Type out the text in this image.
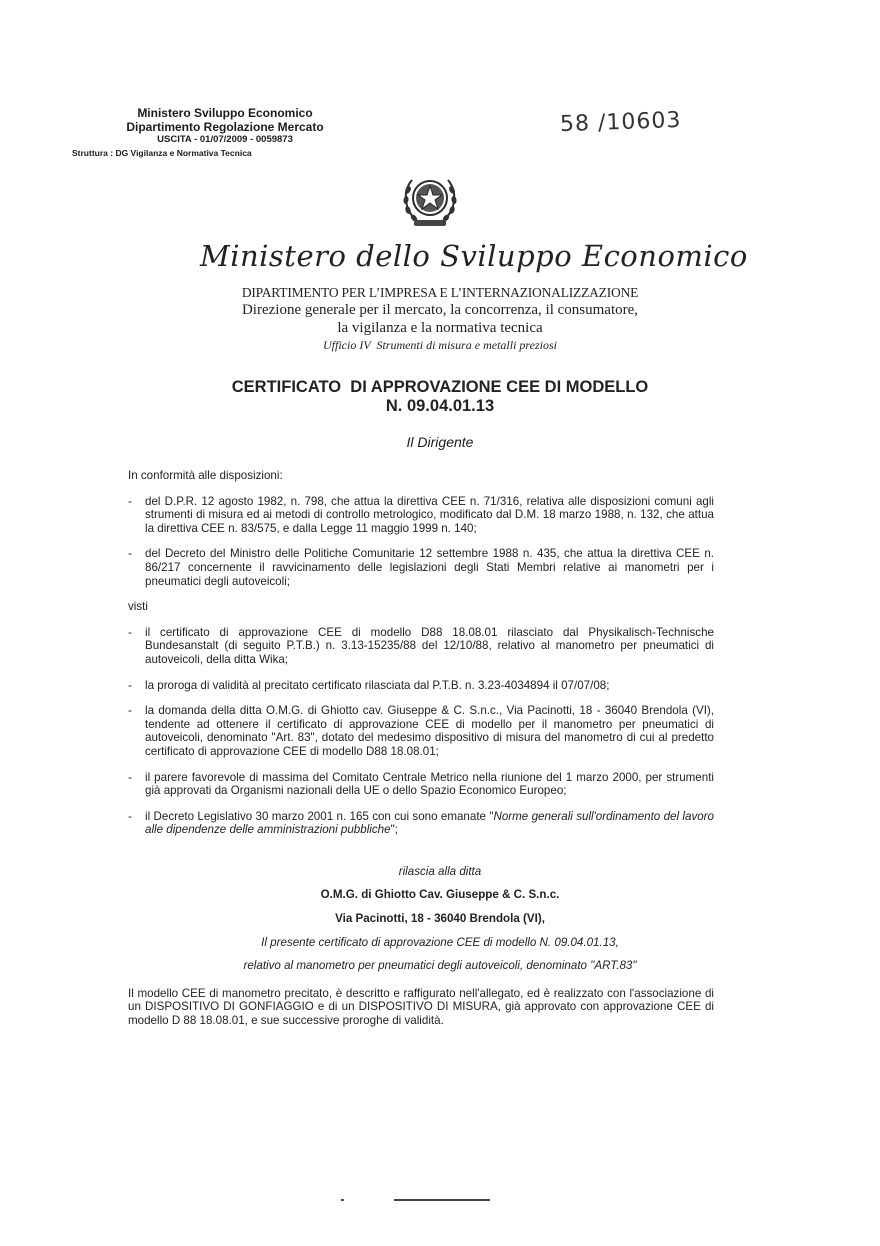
Ministero Sviluppo Economico
Dipartimento Regolazione Mercato
USCITA - 01/07/2009 - 0059873
Struttura : DG Vigilanza e Normativa Tecnica
58 /10603
Ministero dello Sviluppo Economico
DIPARTIMENTO PER L’IMPRESA E L’INTERNAZIONALIZZAZIONE
Direzione generale per il mercato, la concorrenza, il consumatore,
la vigilanza e la normativa tecnica
Ufficio IV  Strumenti di misura e metalli preziosi
CERTIFICATO  DI APPROVAZIONE CEE DI MODELLO
N. 09.04.01.13
Il Dirigente
In conformità alle disposizioni:
- del D.P.R. 12 agosto 1982, n. 798, che attua la direttiva CEE n. 71/316, relativa alle disposizioni comuni agli strumenti di misura ed ai metodi di controllo metrologico, modificato dal D.M. 18 marzo 1988, n. 132, che attua la direttiva CEE n. 83/575, e dalla Legge 11 maggio 1999 n. 140;
- del Decreto del Ministro delle Politiche Comunitarie 12 settembre 1988 n. 435, che attua la direttiva CEE n. 86/217 concernente il ravvicinamento delle legislazioni degli Stati Membri relative ai manometri per i pneumatici degli autoveicoli;
visti
- il certificato di approvazione CEE di modello D88 18.08.01 rilasciato dal Physikalisch-Technische Bundesanstalt (di seguito P.T.B.) n. 3.13-15235/88 del 12/10/88, relativo al manometro per pneumatici di autoveicoli, della ditta Wika;
- la proroga di validità al precitato certificato rilasciata dal P.T.B. n. 3.23-4034894 il 07/07/08;
- la domanda della ditta O.M.G. di Ghiotto cav. Giuseppe & C. S.n.c., Via Pacinotti, 18 - 36040 Brendola (VI), tendente ad ottenere il certificato di approvazione CEE di modello per il manometro per pneumatici di autoveicoli, denominato "Art. 83", dotato del medesimo dispositivo di misura del manometro di cui al predetto certificato di approvazione CEE di modello D88 18.08.01;
- il parere favorevole di massima del Comitato Centrale Metrico nella riunione del 1 marzo 2000, per strumenti già approvati da Organismi nazionali della UE o dello Spazio Economico Europeo;
- il Decreto Legislativo 30 marzo 2001 n. 165 con cui sono emanate "Norme generali sull'ordinamento del lavoro alle dipendenze delle amministrazioni pubbliche";
rilascia alla ditta
O.M.G. di Ghiotto Cav. Giuseppe & C. S.n.c.
Via Pacinotti, 18 - 36040 Brendola (VI),
Il presente certificato di approvazione CEE di modello N. 09.04.01.13,
relativo al manometro per pneumatici degli autoveicoli, denominato "ART.83"
Il modello CEE di manometro precitato, è descritto e raffigurato nell'allegato, ed è realizzato con l'associazione di un DISPOSITIVO DI GONFIAGGIO e di un DISPOSITIVO DI MISURA, già approvato con approvazione CEE di modello D 88 18.08.01, e sue successive proroghe di validità.
